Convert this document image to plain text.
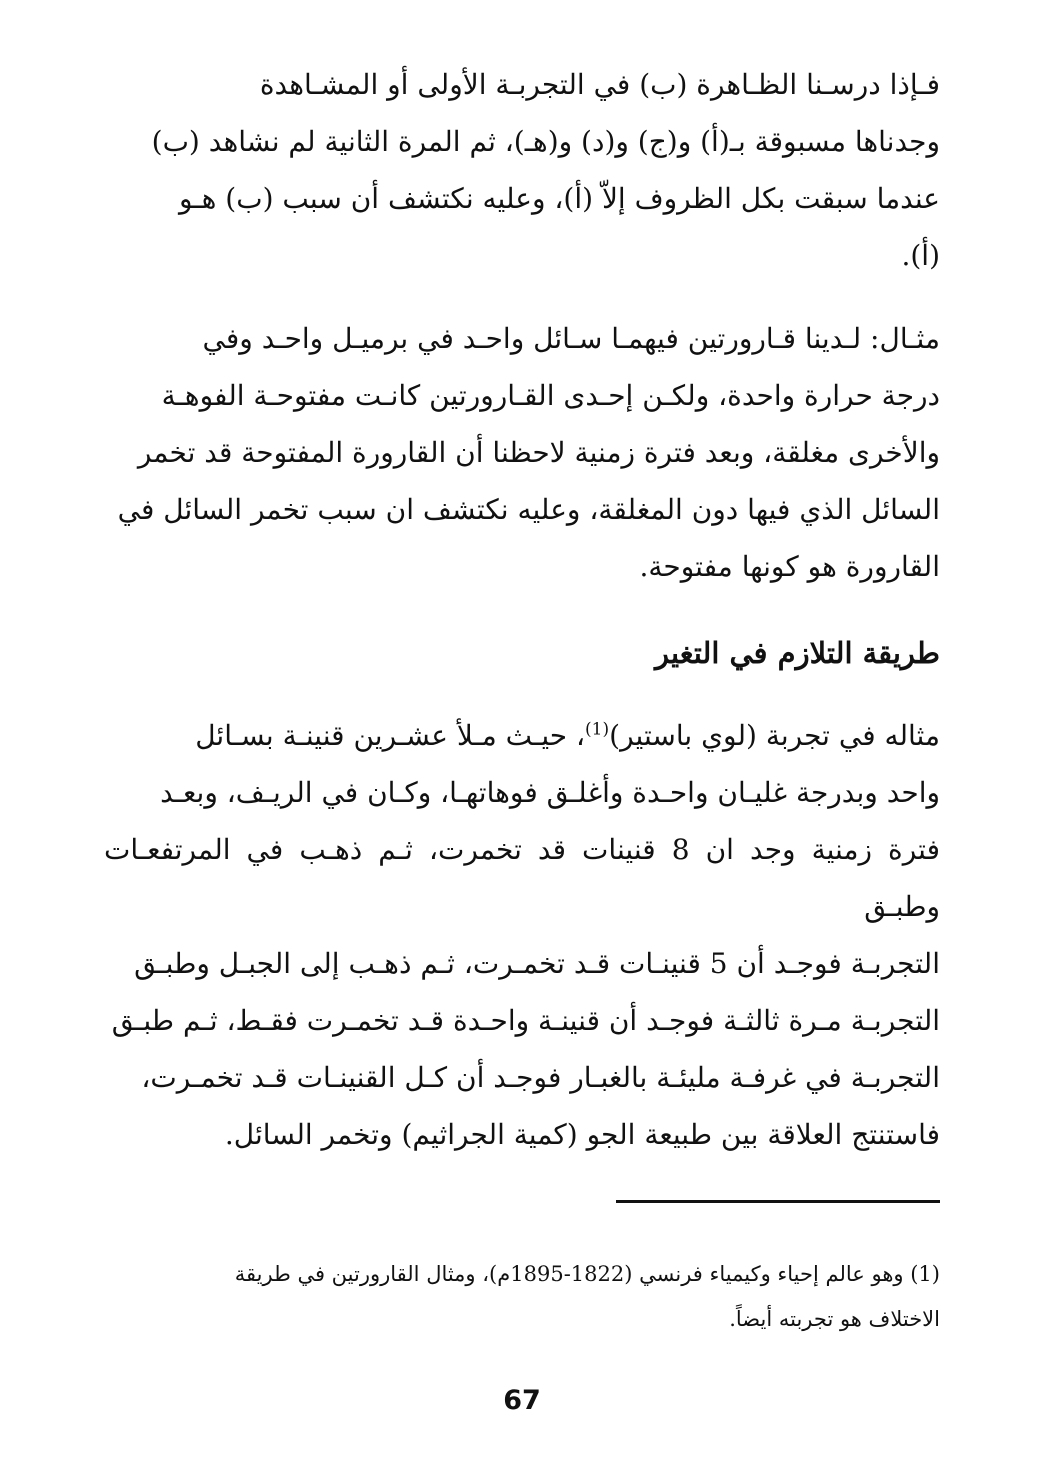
فـإذا درسـنا الظـاهرة (ب) في التجربـة الأولى أو المشـاهدة
وجدناها مسبوقة بـ(أ) و(ج) و(د) و(هـ)، ثم المرة الثانية لم نشاهد (ب)
عندما سبقت بكل الظروف إلاّ (أ)، وعليه نكتشف أن سبب (ب) هـو
(أ).

مثـال: لـدينا قـارورتين فيهمـا سـائل واحـد في برميـل واحـد وفي
درجة حرارة واحدة، ولكـن إحـدى القـارورتين كانـت مفتوحـة الفوهـة
والأخرى مغلقة، وبعد فترة زمنية لاحظنا أن القارورة المفتوحة قد تخمر
السائل الذي فيها دون المغلقة، وعليه نكتشف ان سبب تخمر السائل في
القارورة هو كونها مفتوحة.

طريقة التلازم في التغير

مثاله في تجربة (لوي باستير)$^{(1)}$، حيـث مـلأ عشـرين قنينـة بسـائل
واحد وبدرجة غليـان واحـدة وأغلـق فوهاتهـا، وكـان في الريـف، وبعـد
فترة زمنية وجد ان 8 قنينات قد تخمرت، ثـم ذهـب في المرتفعـات وطبـق
التجربـة فوجـد أن 5 قنينـات قـد تخمـرت، ثـم ذهـب إلى الجبـل وطبـق
التجربـة مـرة ثالثـة فوجـد أن قنينـة واحـدة قـد تخمـرت فقـط، ثـم طبـق
التجربـة في غرفـة مليئـة بالغبـار فوجـد أن كـل القنينـات قـد تخمـرت،
فاستنتج العلاقة بين طبيعة الجو (كمية الجراثيم) وتخمر السائل.

(1) وهو عالم إحياء وكيمياء فرنسي (1822-1895م)، ومثال القارورتين في طريقة
الاختلاف هو تجربته أيضاً.

67
